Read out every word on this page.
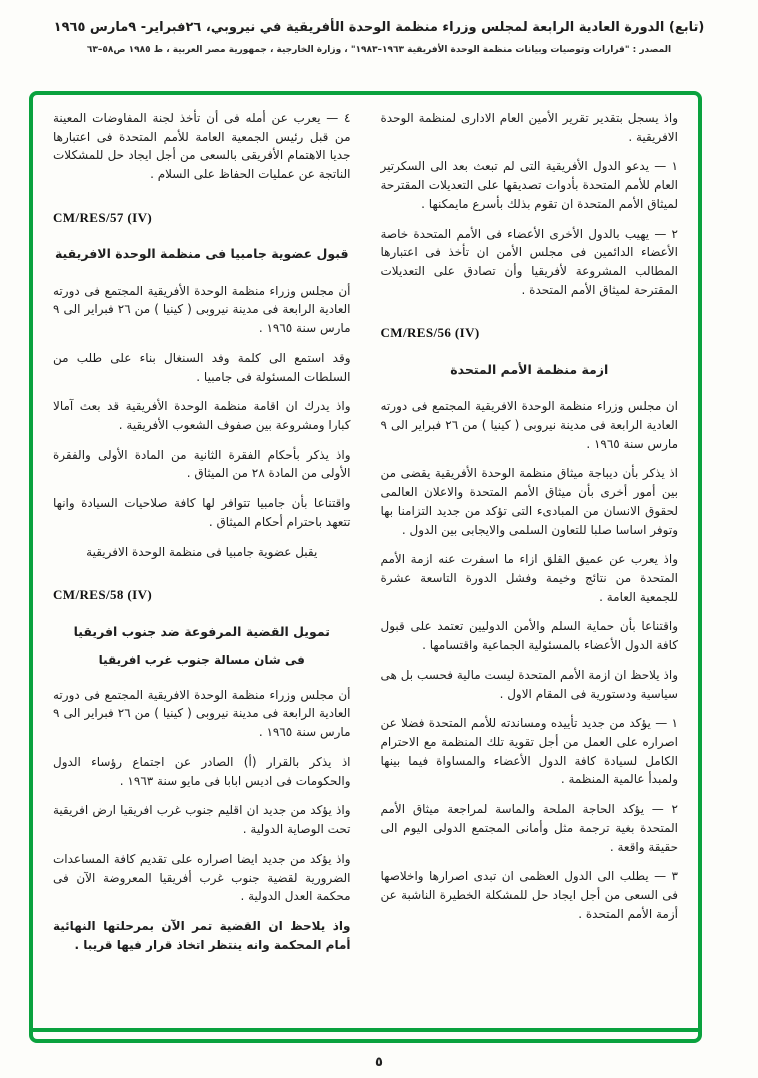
(تابع) الدورة العادية الرابعة لمجلس وزراء منظمة الوحدة الأفريقية في نيروبي، ٢٦فبراير- ٩مارس ١٩٦٥
المصدر : "قرارات وتوصيات وبيانات منظمة الوحدة الأفريقية ١٩٦٣–١٩٨٣" ، وزارة الخارجية ، جمهورية مصر العربية ، ط ١٩٨٥ ص٥٨–٦٣
واذ يسجل بتقدير تقرير الأمين العام الادارى لمنظمة الوحدة الافريقية .
١ — يدعو الدول الأفريقية التى لم تبعث بعد الى السكرتير العام للأمم المتحدة بأدوات تصديقها على التعديلات المقترحة لميثاق الأمم المتحدة ان تقوم بذلك بأسرع مايمكنها .
٢ — يهيب بالدول الأخرى الأعضاء فى الأمم المتحدة خاصة الأعضاء الدائمين فى مجلس الأمن ان تأخذ فى اعتبارها المطالب المشروعة لأفريقيا وأن تصادق على التعديلات المقترحة لميثاق الأمم المتحدة .
CM/RES/56 (IV)
ازمة منظمة الأمم المتحدة
ان مجلس وزراء منظمة الوحدة الافريقية المجتمع فى دورته العادية الرابعة فى مدينة نيروبى ( كينيا ) من ٢٦ فبراير الى ٩ مارس سنة ١٩٦٥ .
اذ يذكر بأن ديباجة ميثاق منظمة الوحدة الأفريقية يقضى من بين أمور أخرى بأن ميثاق الأمم المتحدة والاعلان العالمى لحقوق الانسان من المبادىء التى تؤكد من جديد التزامنا بها وتوفر اساسا صلبا للتعاون السلمى والايجابى بين الدول .
واذ يعرب عن عميق القلق ازاء ما اسفرت عنه ازمة الأمم المتحدة من نتائج وخيمة وفشل الدورة التاسعة عشرة للجمعية العامة .
واقتناعا بأن حماية السلم والأمن الدوليين تعتمد على قبول كافة الدول الأعضاء بالمسئولية الجماعية واقتسامها .
واذ يلاحظ ان ازمة الأمم المتحدة ليست مالية فحسب بل هى سياسية ودستورية فى المقام الاول .
١ — يؤكد من جديد تأييده ومساندته للأمم المتحدة فضلا عن اصراره على العمل من أجل تقوية تلك المنظمة مع الاحترام الكامل لسيادة كافة الدول الأعضاء والمساواة فيما بينها ولمبدأ عالمية المنظمة .
٢ — يؤكد الحاجة الملحة والماسة لمراجعة ميثاق الأمم المتحدة بغية ترجمة مثل وأمانى المجتمع الدولى اليوم الى حقيقة واقعة .
٣ — يطلب الى الدول العظمى ان تبدى اصرارها واخلاصها فى السعى من أجل ايجاد حل للمشكلة الخطيرة الناشبة عن أزمة الأمم المتحدة .
٤ — يعرب عن أمله فى أن تأخذ لجنة المفاوضات المعينة من قبل رئيس الجمعية العامة للأمم المتحدة فى اعتبارها جديا الاهتمام الأفريقى بالسعى من أجل ايجاد حل للمشكلات الناتجة عن عمليات الحفاظ على السلام .
CM/RES/57 (IV)
قبول عضوية جامبيا فى منظمة الوحدة الافريقية
أن مجلس وزراء منظمة الوحدة الأفريقية المجتمع فى دورته العادية الرابعة فى مدينة نيروبى ( كينيا ) من ٢٦ فبراير الى ٩ مارس سنة ١٩٦٥ .
وقد استمع الى كلمة وفد السنغال بناء على طلب من السلطات المسئولة فى جامبيا .
واذ يدرك ان اقامة منظمة الوحدة الأفريقية قد بعث آمالا كبارا ومشروعة بين صفوف الشعوب الأفريقية .
واذ يذكر بأحكام الفقرة الثانية من المادة الأولى والفقرة الأولى من المادة ٢٨ من الميثاق .
واقتناعا بأن جامبيا تتوافر لها كافة صلاحيات السيادة وانها تتعهد باحترام أحكام الميثاق .
يقبل عضوية جامبيا فى منظمة الوحدة الافريقية
CM/RES/58 (IV)
تمويل القضية المرفوعة ضد جنوب افريقيا
فى شان مسالة جنوب غرب افريقيا
أن مجلس وزراء منظمة الوحدة الافريقية المجتمع فى دورته العادية الرابعة فى مدينة نيروبى ( كينيا ) من ٢٦ فبراير الى ٩ مارس سنة ١٩٦٥ .
اذ يذكر بالقرار (أ) الصادر عن اجتماع رؤساء الدول والحكومات فى اديس ابابا فى مايو سنة ١٩٦٣ .
واذ يؤكد من جديد ان اقليم جنوب غرب افريقيا ارض افريقية تحت الوصاية الدولية .
واذ يؤكد من جديد ايضا اصراره على تقديم كافة المساعدات الضرورية لقضية جنوب غرب أفريقيا المعروضة الآن فى محكمة العدل الدولية .
واذ يلاحظ ان القضية تمر الآن بمرحلتها النهائية أمام المحكمة وانه ينتظر اتخاذ قرار فيها قريبا .
٥
